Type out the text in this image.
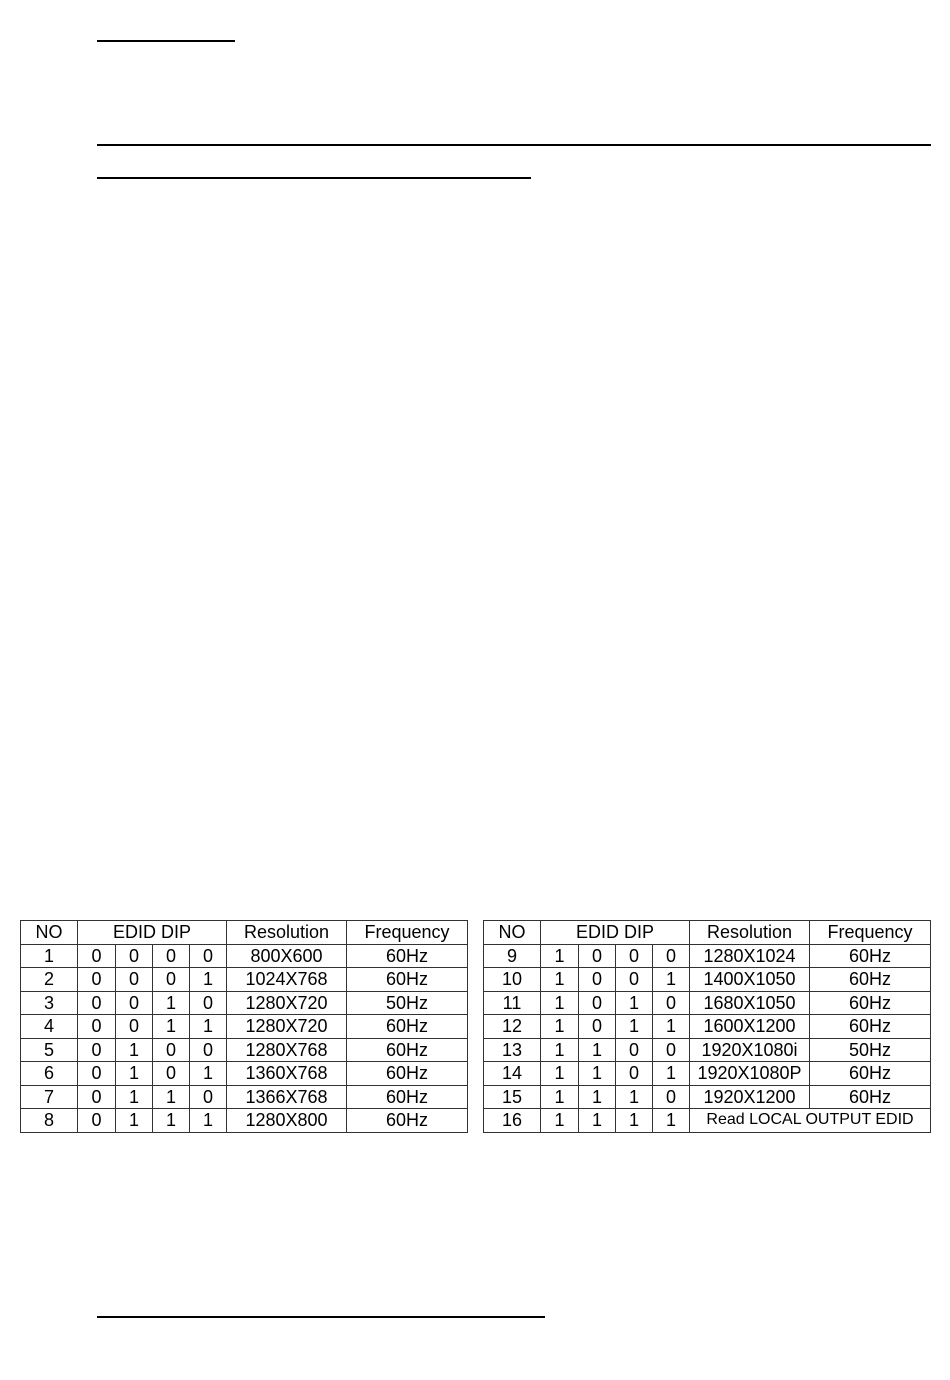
NO	EDID DIP				Resolution	Frequency
1	0	0	0	0	800X600	60Hz
2	0	0	0	1	1024X768	60Hz
3	0	0	1	0	1280X720	50Hz
4	0	0	1	1	1280X720	60Hz
5	0	1	0	0	1280X768	60Hz
6	0	1	0	1	1360X768	60Hz
7	0	1	1	0	1366X768	60Hz
8	0	1	1	1	1280X800	60Hz
NO	EDID DIP				Resolution	Frequency
9	1	0	0	0	1280X1024	60Hz
10	1	0	0	1	1400X1050	60Hz
11	1	0	1	0	1680X1050	60Hz
12	1	0	1	1	1600X1200	60Hz
13	1	1	0	0	1920X1080i	50Hz
14	1	1	0	1	1920X1080P	60Hz
15	1	1	1	0	1920X1200	60Hz
16	1	1	1	1	Read LOCAL OUTPUT EDID	
